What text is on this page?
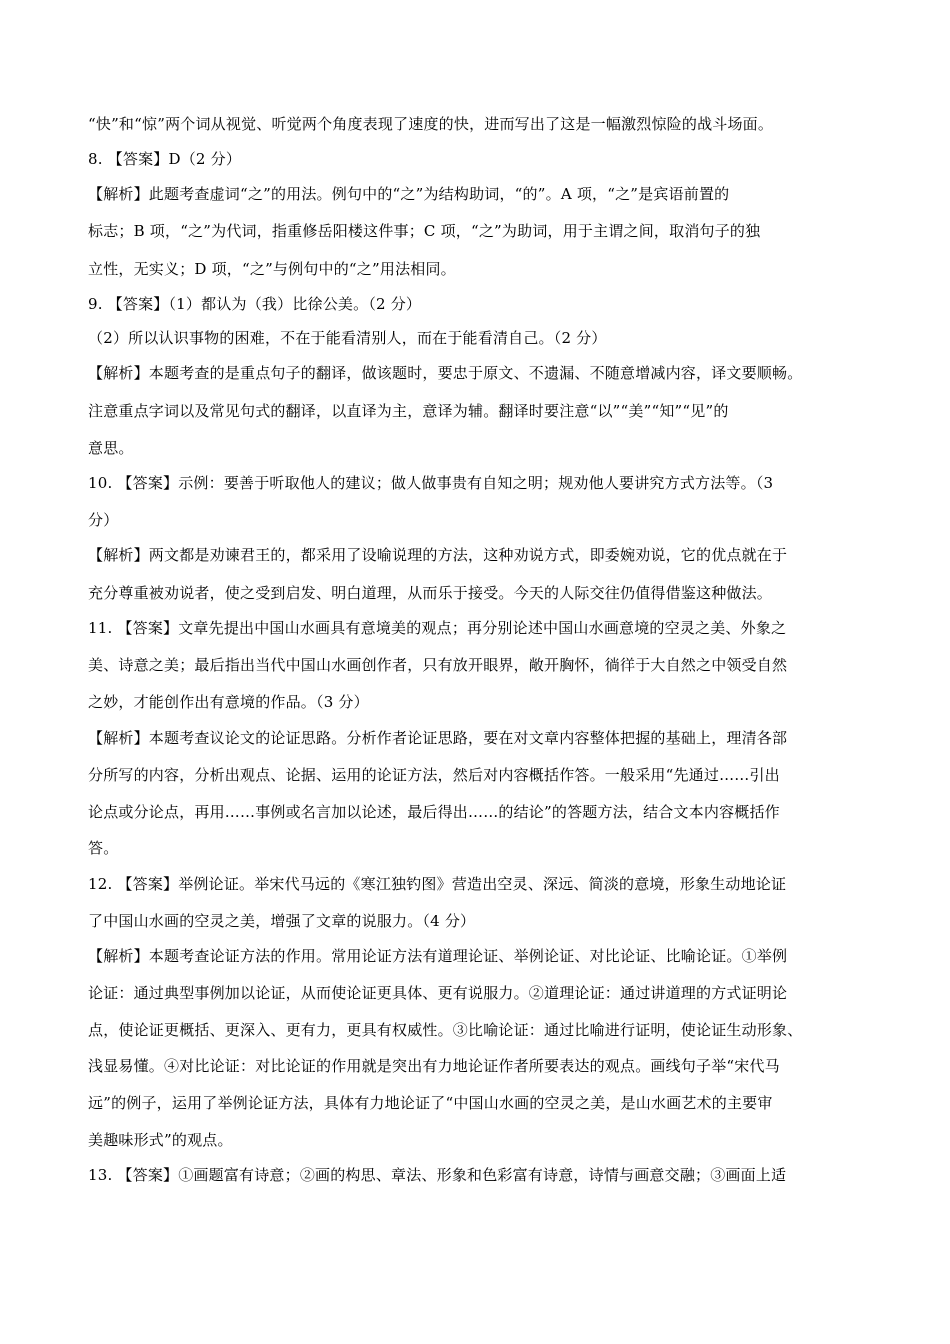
“快”和“惊”两个词从视觉、听觉两个角度表现了速度的快，进而写出了这是一幅激烈惊险的战斗场面。
8. 【答案】D（2 分）
【解析】此题考查虚词“之”的用法。例句中的“之”为结构助词，“的”。A 项，“之”是宾语前置的
标志；B 项，“之”为代词，指重修岳阳楼这件事；C 项，“之”为助词，用于主谓之间，取消句子的独
立性，无实义；D 项，“之”与例句中的“之”用法相同。
9. 【答案】（1）都认为（我）比徐公美。（2 分）
（2）所以认识事物的困难，不在于能看清别人，而在于能看清自己。（2 分）
【解析】本题考查的是重点句子的翻译，做该题时，要忠于原文、不遗漏、不随意增减内容，译文要顺畅。
注意重点字词以及常见句式的翻译，以直译为主，意译为辅。翻译时要注意“以”“美”“知”“见”的
意思。
10. 【答案】示例：要善于听取他人的建议；做人做事贵有自知之明；规劝他人要讲究方式方法等。（3
分）
【解析】两文都是劝谏君王的，都采用了设喻说理的方法，这种劝说方式，即委婉劝说，它的优点就在于
充分尊重被劝说者，使之受到启发、明白道理，从而乐于接受。今天的人际交往仍值得借鉴这种做法。
11. 【答案】文章先提出中国山水画具有意境美的观点；再分别论述中国山水画意境的空灵之美、外象之
美、诗意之美；最后指出当代中国山水画创作者，只有放开眼界，敞开胸怀，徜徉于大自然之中领受自然
之妙，才能创作出有意境的作品。（3 分）
【解析】本题考查议论文的论证思路。分析作者论证思路，要在对文章内容整体把握的基础上，理清各部
分所写的内容，分析出观点、论据、运用的论证方法，然后对内容概括作答。一般采用“先通过……引出
论点或分论点，再用……事例或名言加以论述，最后得出……的结论”的答题方法，结合文本内容概括作
答。
12. 【答案】举例论证。举宋代马远的《寒江独钓图》营造出空灵、深远、简淡的意境，形象生动地论证
了中国山水画的空灵之美，增强了文章的说服力。（4 分）
【解析】本题考查论证方法的作用。常用论证方法有道理论证、举例论证、对比论证、比喻论证。①举例
论证：通过典型事例加以论证，从而使论证更具体、更有说服力。②道理论证：通过讲道理的方式证明论
点，使论证更概括、更深入、更有力，更具有权威性。③比喻论证：通过比喻进行证明，使论证生动形象、
浅显易懂。④对比论证：对比论证的作用就是突出有力地论证作者所要表达的观点。画线句子举“宋代马
远”的例子，运用了举例论证方法，具体有力地论证了“中国山水画的空灵之美，是山水画艺术的主要审
美趣味形式”的观点。
13. 【答案】①画题富有诗意；②画的构思、章法、形象和色彩富有诗意，诗情与画意交融；③画面上适
